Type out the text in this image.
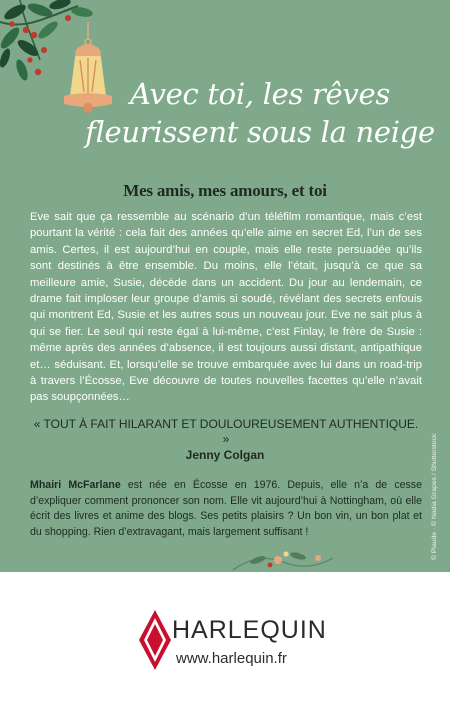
Avec toi, les rêves
fleurissent sous la neige
Mes amis, mes amours, et toi

Eve sait que ça ressemble au scénario d’un téléfilm romantique, mais c’est pourtant la vérité : cela fait des années qu’elle aime en secret Ed, l’un de ses amis. Certes, il est aujourd’hui en couple, mais elle reste persuadée qu’ils sont destinés à être ensemble. Du moins, elle l’était, jusqu’à ce que sa meilleure amie, Susie, décède dans un accident. Du jour au lendemain, ce drame fait imploser leur groupe d’amis si soudé, révélant des secrets enfouis qui montrent Ed, Susie et les autres sous un nouveau jour. Eve ne sait plus à qui se fier. Le seul qui reste égal à lui-même, c’est Finlay, le frère de Susie : même après des années d’absence, il est toujours aussi distant, antipathique et… séduisant. Et, lorsqu’elle se trouve embarquée avec lui dans un road-trip à travers l’Écosse, Eve découvre de toutes nouvelles facettes qu’elle n’avait pas soupçonnées…

« TOUT À FAIT HILARANT ET DOULOUREUSEMENT AUTHENTIQUE. »
Jenny Colgan

Mhairi McFarlane est née en Écosse en 1976. Depuis, elle n’a de cesse d’expliquer comment prononcer son nom. Elle vit aujourd’hui à Nottingham, où elle écrit des livres et anime des blogs. Ses petits plaisirs ? Un bon vin, un bon plat et du shopping. Rien d’extravagant, mais largement suffisant !	© Plaude · © Nadia Grapes / Shutterstock
HARLEQUIN
www.harlequin.fr
